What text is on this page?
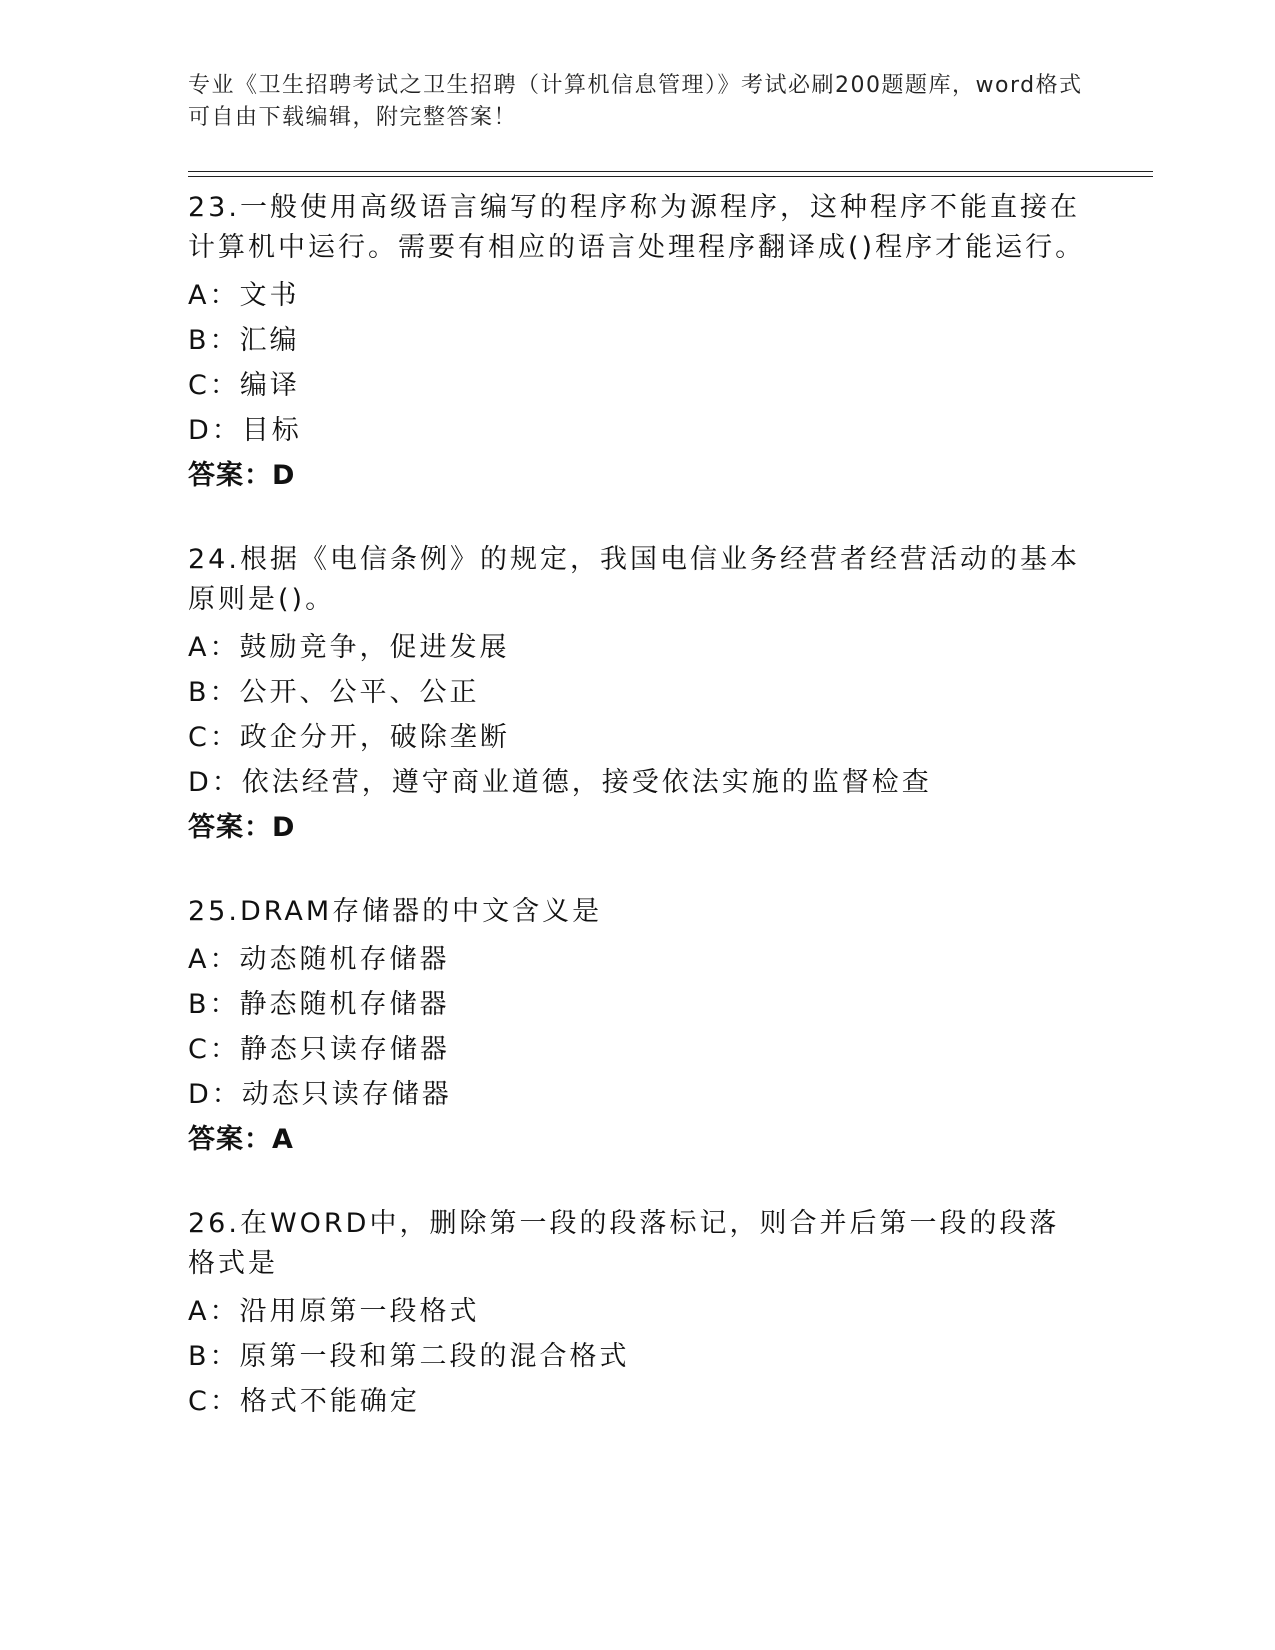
专业《卫生招聘考试之卫生招聘（计算机信息管理）》考试必刷200题题库，word格式可自由下载编辑，附完整答案！
23.一般使用高级语言编写的程序称为源程序，这种程序不能直接在计算机中运行。需要有相应的语言处理程序翻译成()程序才能运行。
A：文书
B：汇编
C：编译
D：目标
答案：D
24.根据《电信条例》的规定，我国电信业务经营者经营活动的基本原则是()。
A：鼓励竞争，促进发展
B：公开、公平、公正
C：政企分开，破除垄断
D：依法经营，遵守商业道德，接受依法实施的监督检查
答案：D
25.DRAM存储器的中文含义是
A：动态随机存储器
B：静态随机存储器
C：静态只读存储器
D：动态只读存储器
答案：A
26.在WORD中，删除第一段的段落标记，则合并后第一段的段落格式是
A：沿用原第一段格式
B：原第一段和第二段的混合格式
C：格式不能确定
